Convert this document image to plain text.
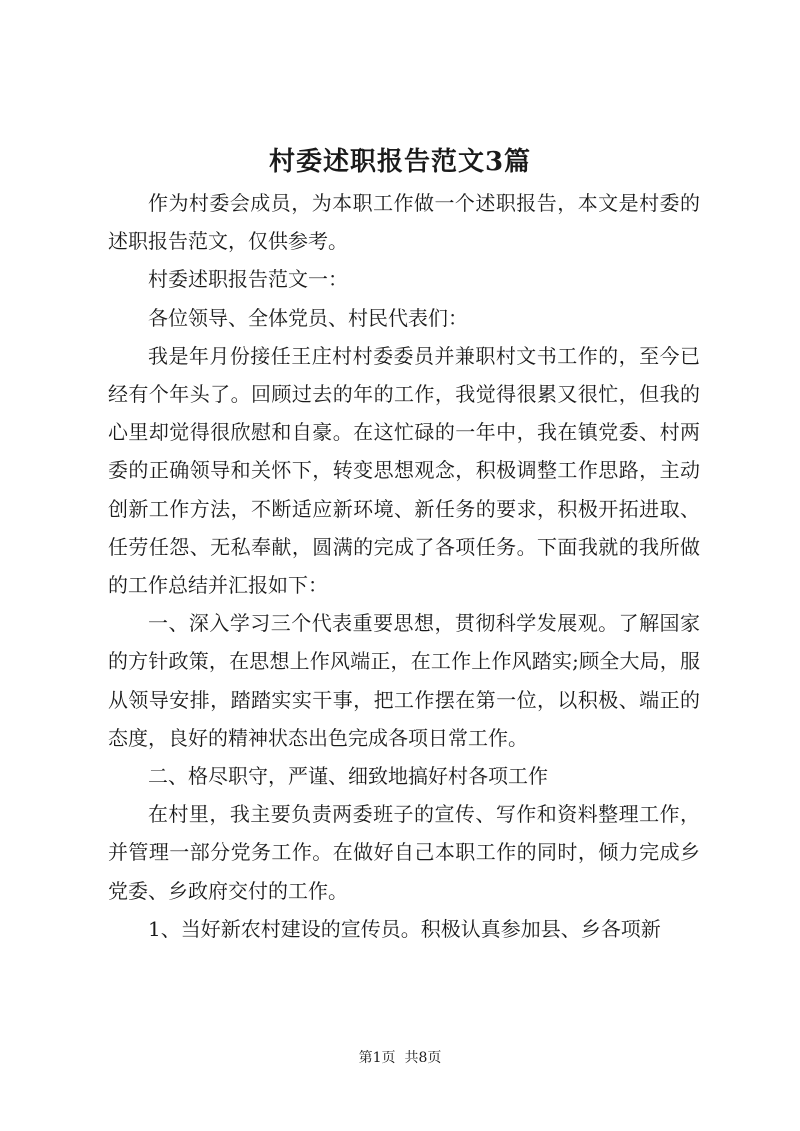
村委述职报告范文3篇

作为村委会成员，为本职工作做一个述职报告，本文是村委的述职报告范文，仅供参考。

村委述职报告范文一：

各位领导、全体党员、村民代表们：

我是年月份接任王庄村村委委员并兼职村文书工作的，至今已经有个年头了。回顾过去的年的工作，我觉得很累又很忙，但我的心里却觉得很欣慰和自豪。在这忙碌的一年中，我在镇党委、村两委的正确领导和关怀下，转变思想观念，积极调整工作思路，主动创新工作方法，不断适应新环境、新任务的要求，积极开拓进取、任劳任怨、无私奉献，圆满的完成了各项任务。下面我就的我所做的工作总结并汇报如下：

一、深入学习三个代表重要思想，贯彻科学发展观。了解国家的方针政策，在思想上作风端正，在工作上作风踏实;顾全大局，服从领导安排，踏踏实实干事，把工作摆在第一位，以积极、端正的态度，良好的精神状态出色完成各项日常工作。

二、格尽职守，严谨、细致地搞好村各项工作

在村里，我主要负责两委班子的宣传、写作和资料整理工作，并管理一部分党务工作。在做好自己本职工作的同时，倾力完成乡党委、乡政府交付的工作。

1、当好新农村建设的宣传员。积极认真参加县、乡各项新

第1页  共8页
